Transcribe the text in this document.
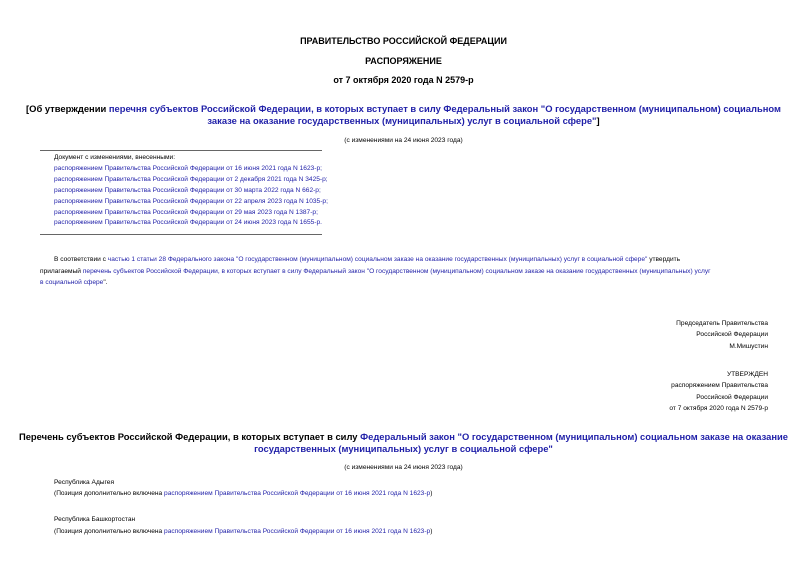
ПРАВИТЕЛЬСТВО РОССИЙСКОЙ ФЕДЕРАЦИИ
РАСПОРЯЖЕНИЕ
от 7 октября 2020 года N 2579-р
[Об утверждении перечня субъектов Российской Федерации, в которых вступает в силу Федеральный закон "О государственном (муниципальном) социальном
заказе на оказание государственных (муниципальных) услуг в социальной сфере"]
(с изменениями на 24 июня 2023 года)
Документ с изменениями, внесенными:
распоряжением Правительства Российской Федерации от 16 июня 2021 года N 1623-р;
распоряжением Правительства Российской Федерации от 2 декабря 2021 года N 3425-р;
распоряжением Правительства Российской Федерации от 30 марта 2022 года N 662-р;
распоряжением Правительства Российской Федерации от 22 апреля 2023 года N 1035-р;
распоряжением Правительства Российской Федерации от 29 мая 2023 года N 1387-р;
распоряжением Правительства Российской Федерации от 24 июня 2023 года N 1655-р.
В соответствии с частью 1 статьи 28 Федерального закона "О государственном (муниципальном) социальном заказе на оказание государственных (муниципальных) услуг в социальной сфере" утвердить
прилагаемый перечень субъектов Российской Федерации, в которых вступает в силу Федеральный закон "О государственном (муниципальном) социальном заказе на оказание государственных (муниципальных) услуг
в социальной сфере".
Председатель Правительства
Российской Федерации
М.Мишустин
УТВЕРЖДЕН
распоряжением Правительства
Российской Федерации
от 7 октября 2020 года N 2579-р
Перечень субъектов Российской Федерации, в которых вступает в силу Федеральный закон "О государственном (муниципальном) социальном заказе на оказание
государственных (муниципальных) услуг в социальной сфере"
(с изменениями на 24 июня 2023 года)
Республика Адыгея
(Позиция дополнительно включена распоряжением Правительства Российской Федерации от 16 июня 2021 года N 1623-р)
Республика Башкортостан
(Позиция дополнительно включена распоряжением Правительства Российской Федерации от 16 июня 2021 года N 1623-р)
